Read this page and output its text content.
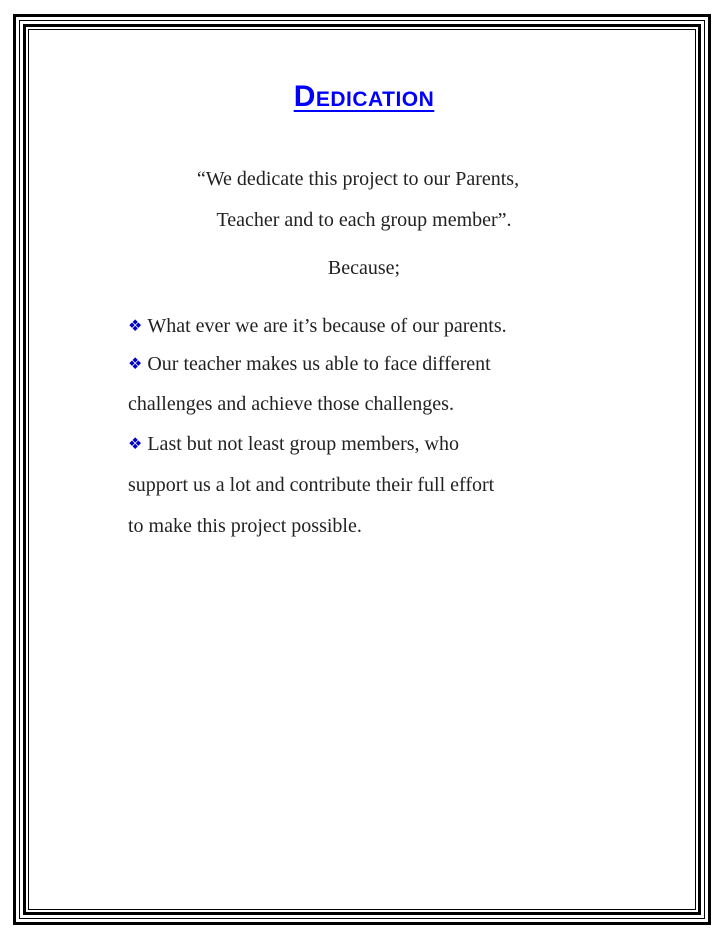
Dedication
“We dedicate this project to our Parents,
Teacher and to each group member”.
Because;
❖ What ever we are it’s because of our parents.
❖ Our teacher makes us able to face different
challenges and achieve those challenges.
❖ Last but not least group members, who
support us a lot and contribute their full effort
to make this project possible.
